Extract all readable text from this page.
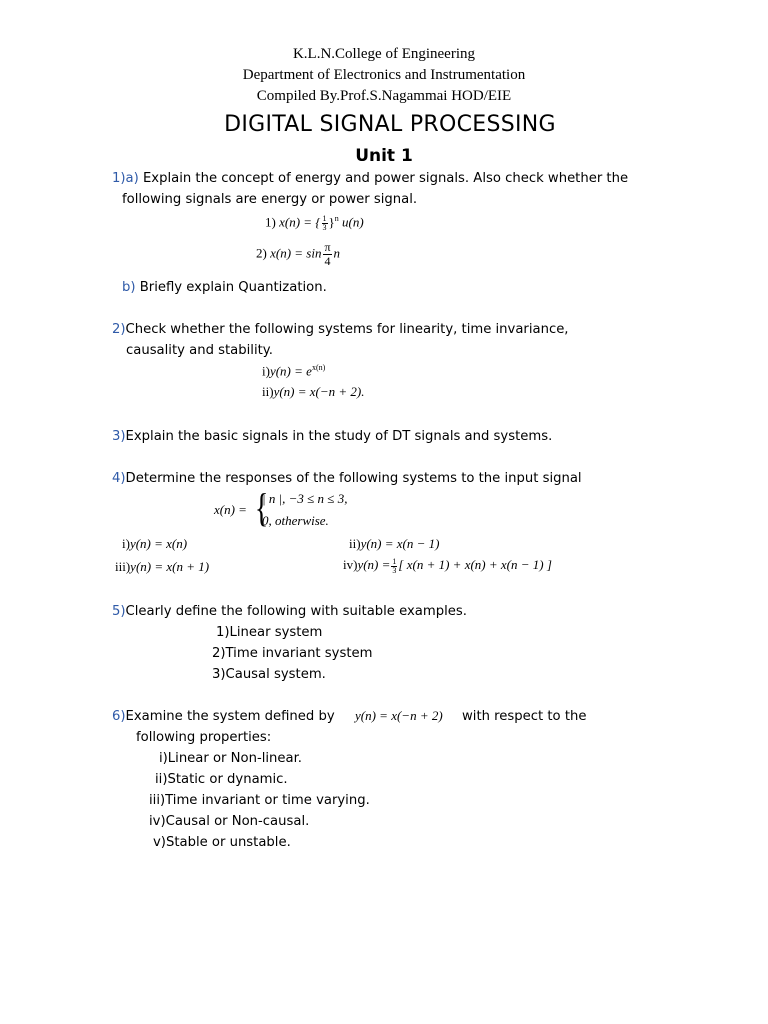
K.L.N.College of Engineering
Department of Electronics and Instrumentation
Compiled By.Prof.S.Nagammai HOD/EIE
DIGITAL SIGNAL PROCESSING
Unit 1
1)a) Explain the concept of energy and power signals. Also check whether the
following signals are energy or power signal.
1) x(n) = { $\frac{1}{3} \}^n$ u(n)
2) $x(n) = \sin \frac{\pi}{4}$ n
b) Briefly explain Quantization.
2)Check whether the following systems for linearity, time invariance,
causality and stability.
$i)y(n) = e^{x(n)}$
ii)y(n) = x(−n + 2).
3)Explain the basic signals in the study of DT signals and systems.
4)Determine the responses of the following systems to the input signal
x(n) = {
| n |, −3 ≤ n ≤ 3,
0, otherwise.
i)y(n) = x(n)	ii)y(n) = x(n − 1)
iii)y(n) = x(n + 1)	$iv)y(n) = \frac{1}{3}$ [ x(n + 1) + x(n) + x(n − 1) ]
5)Clearly define the following with suitable examples.
1)Linear system
2)Time invariant system
3)Causal system.
6)Examine the system defined by y(n) = x(−n + 2) with respect to the
following properties:
i)Linear or Non-linear.
ii)Static or dynamic.
iii)Time invariant or time varying.
iv)Causal or Non-causal.
v)Stable or unstable.
